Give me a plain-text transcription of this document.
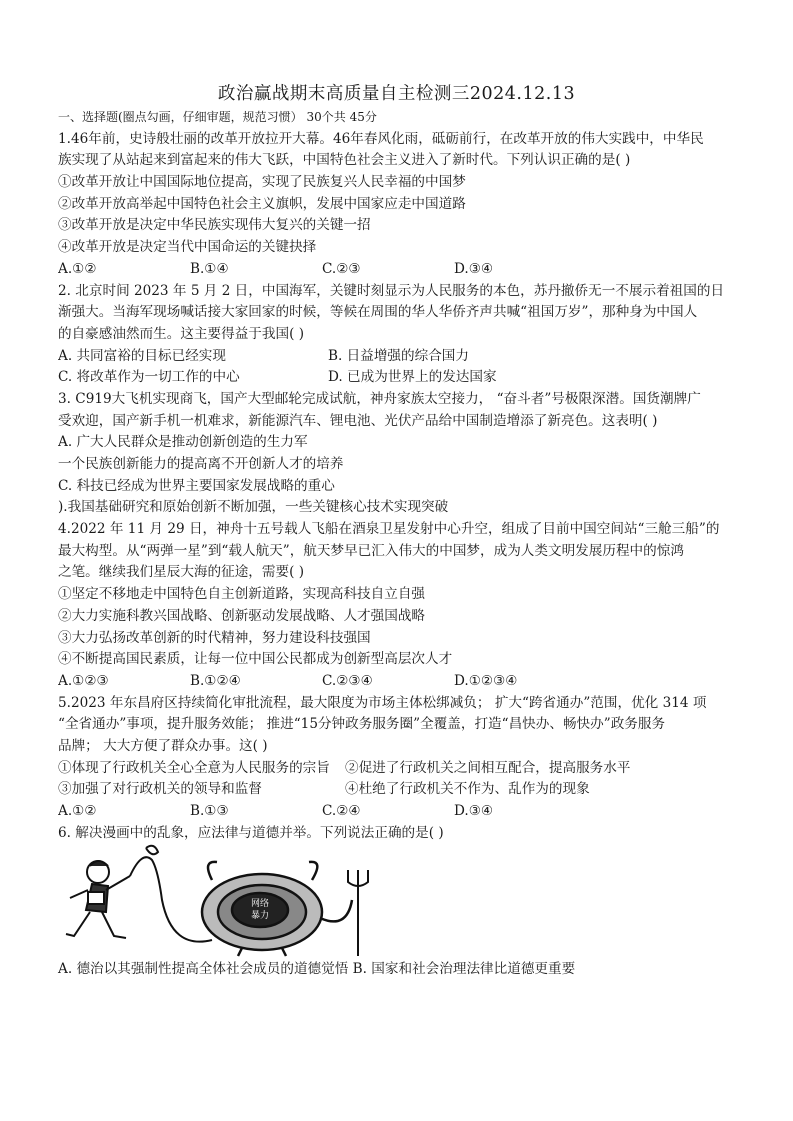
政治赢战期末高质量自主检测三2024.12.13
一、选择题(圈点勾画，仔细审题，规范习惯） 30个共 45分
1.46年前，史诗般壮丽的改革开放拉开大幕。46年春风化雨，砥砺前行，在改革开放的伟大实践中，中华民
族实现了从站起来到富起来的伟大飞跃，中国特色社会主义进入了新时代。下列认识正确的是( )
①改革开放让中国国际地位提高，实现了民族复兴人民幸福的中国梦
②改革开放高举起中国特色社会主义旗帜，发展中国家应走中国道路
③改革开放是决定中华民族实现伟大复兴的关键一招
④改革开放是决定当代中国命运的关键抉择
A.①②	B.①④	C.②③	D.③④
2. 北京时间 2023 年 5 月 2 日，中国海军，关键时刻显示为人民服务的本色，苏丹撤侨无一不展示着祖国的日
渐强大。当海军现场喊话接大家回家的时候，等候在周围的华人华侨齐声共喊“祖国万岁”，那种身为中国人
的自豪感油然而生。这主要得益于我国( )
A. 共同富裕的目标已经实现	B. 日益增强的综合国力
C. 将改革作为一切工作的中心	D. 已成为世界上的发达国家
3. C919大飞机实现商飞，国产大型邮轮完成试航，神舟家族太空接力， “奋斗者”号极限深潜。国货潮牌广
受欢迎，国产新手机一机难求，新能源汽车、锂电池、光伏产品给中国制造增添了新亮色。这表明( )
A. 广大人民群众是推动创新创造的生力军
一个民族创新能力的提高离不开创新人才的培养
C. 科技已经成为世界主要国家发展战略的重心
).我国基础研究和原始创新不断加强，一些关键核心技术实现突破
4.2022 年 11 月 29 日，神舟十五号载人飞船在酒泉卫星发射中心升空，组成了目前中国空间站“三舱三船”的
最大构型。从“两弹一星”到“载人航天”，航天梦早已汇入伟大的中国梦，成为人类文明发展历程中的惊鸿
之笔。继续我们星辰大海的征途，需要( )
①坚定不移地走中国特色自主创新道路，实现高科技自立自强
②大力实施科教兴国战略、创新驱动发展战略、人才强国战略
③大力弘扬改革创新的时代精神，努力建设科技强国
④不断提高国民素质，让每一位中国公民都成为创新型高层次人才
A.①②③	B.①②④	C.②③④	D.①②③④
5.2023 年东昌府区持续简化审批流程，最大限度为市场主体松绑减负； 扩大“跨省通办”范围，优化 314 项
“全省通办”事项，提升服务效能； 推进“15分钟政务服务圈”全覆盖，打造“昌快办、畅快办”政务服务
品牌； 大大方便了群众办事。这( )
①体现了行政机关全心全意为人民服务的宗旨	②促进了行政机关之间相互配合，提高服务水平
③加强了对行政机关的领导和监督	④杜绝了行政机关不作为、乱作为的现象
A.①②	B.①③	C.②④	D.③④
6. 解决漫画中的乱象，应法律与道德并举。下列说法正确的是( )
网络
暴力
A. 德治以其强制性提高全体社会成员的道德觉悟 B. 国家和社会治理法律比道德更重要
